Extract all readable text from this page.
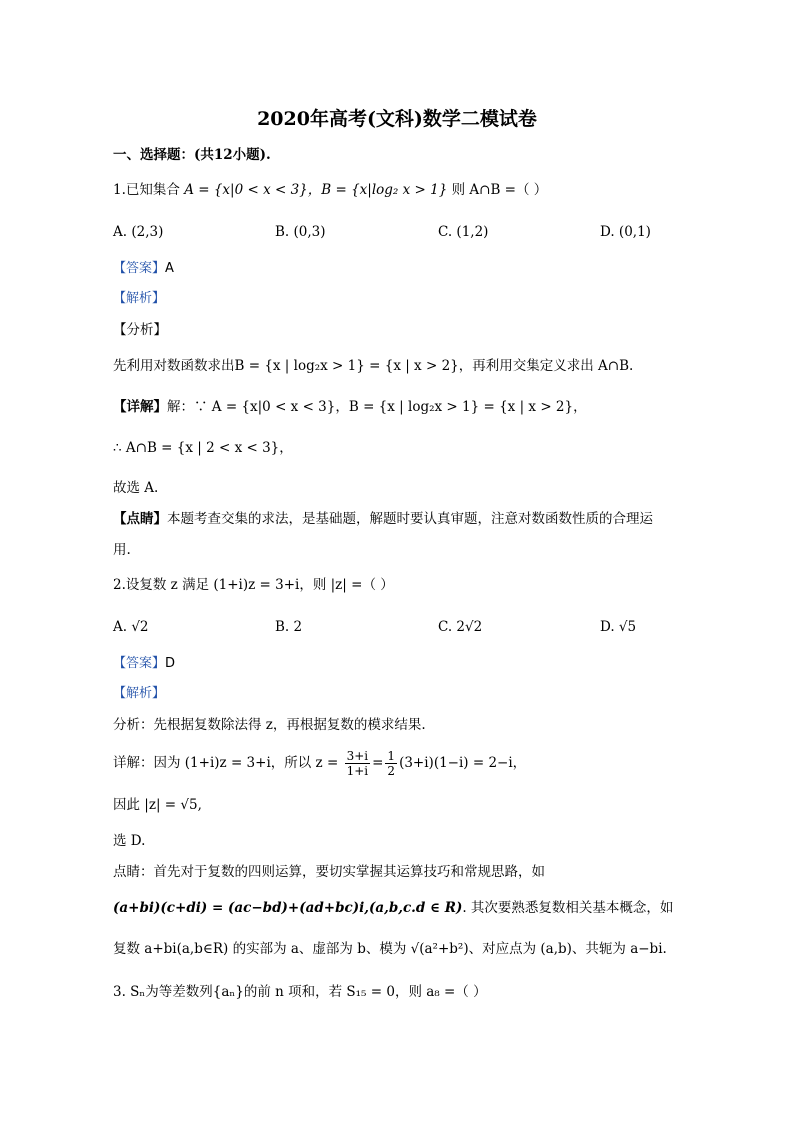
2020年高考(文科)数学二模试卷
一、选择题：(共12小题).
1.已知集合 A = {x|0 < x < 3}，B = {x|log₂ x > 1} 则 A∩B =（ ）
A. (2,3)	B. (0,3)	C. (1,2)	D. (0,1)
【答案】A
【解析】
【分析】
先利用对数函数求出B = {x | log₂x > 1} = {x | x > 2}，再利用交集定义求出 A∩B.
【详解】解：∵ A = {x|0 < x < 3}，B = {x | log₂x > 1} = {x | x > 2}，
∴ A∩B = {x | 2 < x < 3}，
故选 A.
【点睛】本题考查交集的求法，是基础题，解题时要认真审题，注意对数函数性质的合理运
用.
2.设复数 z 满足 (1+i)z = 3+i，则 |z| =（ ）
A. √2	B. 2	C. 2√2	D. √5
【答案】D
【解析】
分析：先根据复数除法得 z，再根据复数的模求结果.
详解：因为 (1+i)z = 3+i，所以 $z = \frac{3+i}{1+i} = \frac{1}{2} (3+i)(1-i) = 2-i$，
因此 |z| = √5,
选 D.
点睛：首先对于复数的四则运算，要切实掌握其运算技巧和常规思路，如
(a+bi)(c+di) = (ac−bd)+(ad+bc)i,(a,b,c.d ∈ R). 其次要熟悉复数相关基本概念，如
复数 a+bi(a,b∈R) 的实部为 a、虚部为 b、模为 √(a²+b²)、对应点为 (a,b)、共轭为 a−bi.
3. Sₙ为等差数列{aₙ}的前 n 项和，若 S₁₅ = 0，则 a₈ =（ ）
